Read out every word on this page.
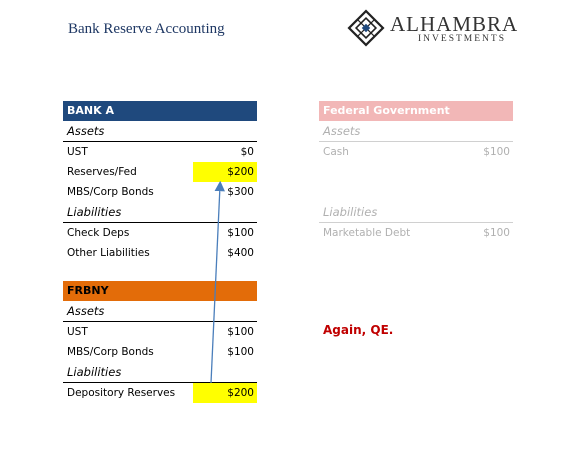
Bank Reserve Accounting	ALHAMBRA
INVESTMENTS
BANK A
Assets
UST	$0
Reserves/Fed	$200
MBS/Corp Bonds	$300
Liabilities
Check Deps	$100
Other Liabilities	$400
FRBNY
Assets
UST	$100
MBS/Corp Bonds	$100
Liabilities
Depository Reserves	$200
Federal Government
Assets
Cash	$100
Liabilities
Marketable Debt	$100
Again, QE.
